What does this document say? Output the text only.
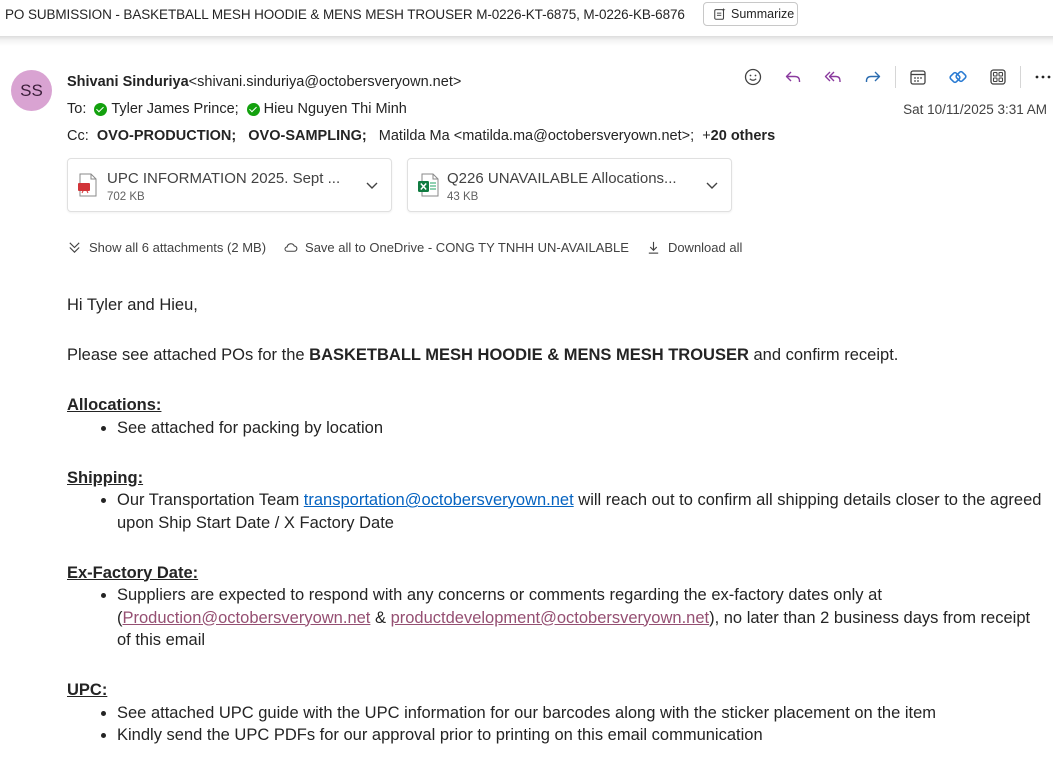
PO SUBMISSION - BASKETBALL MESH HOODIE & MENS MESH TROUSER M-0226-KT-6875, M-0226-KB-6876	Summarize
SS	Shivani Sinduriya<shivani.sinduriya@octobersveryown.net>
To: Tyler James Prince; Hieu Nguyen Thi Minh	Sat 10/11/2025 3:31 AM
Cc: OVO-PRODUCTION; OVO-SAMPLING; Matilda Ma <matilda.ma@octobersveryown.net>; +20 others
UPC INFORMATION 2025. Sept ...
702 KB
Q226 UNAVAILABLE Allocations...
43 KB
Show all 6 attachments (2 MB)	Save all to OneDrive - CONG TY TNHH UN-AVAILABLE	Download all

Hi Tyler and Hieu,

Please see attached POs for the BASKETBALL MESH HOODIE & MENS MESH TROUSER and confirm receipt.

Allocations:

• See attached for packing by location

Shipping:

• Our Transportation Team transportation@octobersveryown.net will reach out to confirm all shipping details closer to the agreed upon Ship Start Date / X Factory Date

Ex-Factory Date:

• Suppliers are expected to respond with any concerns or comments regarding the ex-factory dates only at (Production@octobersveryown.net & productdevelopment@octobersveryown.net), no later than 2 business days from receipt of this email

UPC:

• See attached UPC guide with the UPC information for our barcodes along with the sticker placement on the item
• Kindly send the UPC PDFs for our approval prior to printing on this email communication
